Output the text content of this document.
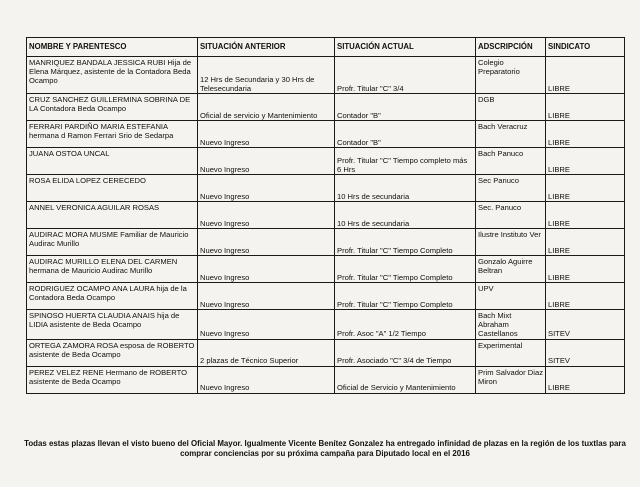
NOMBRE Y PARENTESCO	SITUACIÓN ANTERIOR	SITUACIÓN ACTUAL	ADSCRIPCIÓN	SINDICATO
MANRIQUEZ BANDALA JESSICA RUBI Hija de Elena Márquez, asistente de la Contadora Beda Ocampo	12 Hrs de Secundaria y 30 Hrs de Telesecundaria	Profr. Titular "C" 3/4	Colegio Preparatorio	LIBRE
CRUZ SANCHEZ GUILLERMINA SOBRINA DE LA Contadora Beda Ocampo	Oficial de servicio y Mantenimiento	Contador "B"	DGB	LIBRE
FERRARI PARDIÑO MARIA ESTEFANIA hermana d Ramon Ferrari Srio de Sedarpa	Nuevo Ingreso	Contador "B"	Bach Veracruz	LIBRE
JUANA OSTOA UNCAL	Nuevo Ingreso	Profr. Titular "C" Tiempo completo más 6 Hrs	Bach Panuco	LIBRE
ROSA ELIDA LOPEZ CERECEDO	Nuevo Ingreso	10 Hrs de secundaria	Sec Panuco	LIBRE
ANNEL VERONICA AGUILAR ROSAS	Nuevo Ingreso	10 Hrs de secundaria	Sec. Panuco	LIBRE
AUDIRAC MORA MUSME Familiar de Mauricio Audirac Murillo	Nuevo Ingreso	Profr. Titular "C" Tiempo Completo	Ilustre Instituto Ver	LIBRE
AUDIRAC MURILLO ELENA DEL CARMEN hermana de Mauricio Audirac Murillo	Nuevo Ingreso	Profr. Titular "C" Tiempo Completo	Gonzalo Aguirre Beltran	LIBRE
RODRIGUEZ OCAMPO ANA LAURA hija de la Contadora Beda Ocampo	Nuevo Ingreso	Profr. Titular "C" Tiempo Completo	UPV	LIBRE
SPINOSO HUERTA CLAUDIA ANAIS hija de LIDIA asistente de Beda Ocampo	Nuevo Ingreso	Profr. Asoc "A" 1/2 Tiempo	Bach Mixt Abraham Castellanos	SITEV
ORTEGA ZAMORA ROSA esposa de ROBERTO asistente de Beda Ocampo	2 plazas de Técnico Superior	Profr. Asociado "C" 3/4 de Tiempo	Experimental	SITEV
PEREZ VELEZ RENE Hermano de ROBERTO asistente de Beda Ocampo	Nuevo Ingreso	Oficial de Servicio y Mantenimiento	Prim Salvador Diaz Miron	LIBRE
Todas estas plazas llevan el visto bueno del Oficial Mayor. Igualmente Vicente Benítez Gonzalez ha entregado infinidad de plazas en la región de los tuxtlas para comprar conciencias por su próxima campaña para Diputado local en el 2016
